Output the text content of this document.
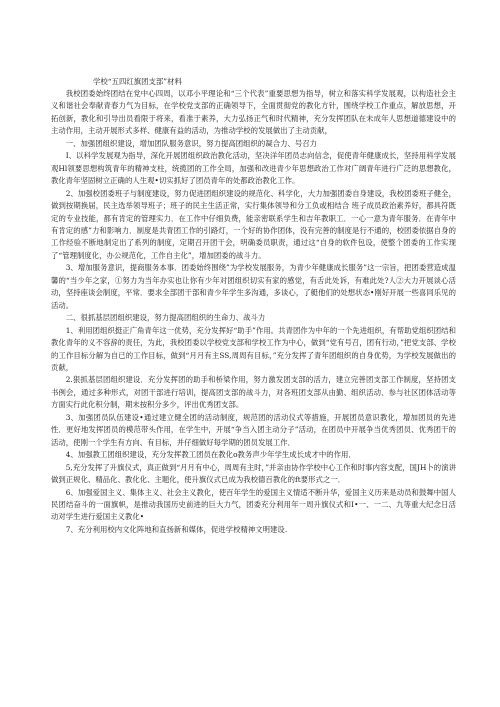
学校“五四红旗团支部”材料

我校团委始终团结在党中心四周，以邓小平理论和“三个代表”重要思想为指导，树立和落实科学发展观，以构造社会主义和谐社会奉献青春力气为目标，在学校党支部的正确领导下，全面贯彻党的教化方针，围绕学校工作重点，解放思想，开拓创新，教化和引导出员看限于将来，看准于素养，大力弘扬正气和时代精神，充分发挥团队在未成年人思想道德建设中的主动作用，主动开展形式多样、健康有益的活动，为推动学校的发展做出了主动贡献，

一、加强团组织建设，增加团队服务意识，努力提高团组织的凝合力、号召力

I、以科学发展观为指导，深化开展团组织政治教化活动，坚决洋年团员志向信念，促使青年健康成长，坚持用科学发展观Hl领要思想构筑青年的精神支柱，统揽团的工作全局，加强和改进青少年思想政治工作对广阔青年进行广泛的思想教化，教化青年坚固树立正确的人生观•切实抓好了团员青年的处都政治教化工作。

2、加强校团委班子与制度建设，努力促进团组织建设的规范化、科学化，大力加强团委自身建设，我校团委班子健全，做到按期换届，民主选举领导班子；班子的民主生活正常，实行集体领导和分工负或相结合 班子成员政治素养好，都具符既定的专业技能，都有肯定的管理实力．在工作中仔细负费，能亲密联系学生和吉年教职工．一心一意为青年服务．在青年中有肯定的感”力和影响力．制度是共青团工作的引路灯，一个好的协作团体，没有完善的制度是行不通的，校团委依据自身的工作经验不断地制定出了系列的制度，定期召开团干会，明确委员职责，通过这“自身的软件包设，使整个团委的工作实现了“管理制度化，办公规范化，工作自主化”，增加团委的战斗力。

3、增加服务意识，提商服务本事．团委始终围绕”为学校发展服务，为青少年健康成长服务”这一宗旨，把团委营造成温馨的“当少年之家，①努力为当年办实也让你有少年对团组织切实有家的感觉，有舌此处诉，有难此处?人②大力开展谈心活动，坚持座谈会制度，平常．要求全部团干部和青少年学生多沟通，多谈心，了艇他们的处想状态•刚好开展一些喜同乐见的活动。

二、很抓基层团组织建设，努力提高团组织的生命力、战斗力

1、利用团组织挺正广角青年这一优势，充分发挥好“助手”作用。共青团作为中年的一个先进组织，有帮助党组织团结和教化青年的义不容辞的责任，为此，我校团委以学校党支部和学校工作为中心，做到“党有号召，团有行动，”把党支部、学校的工作目标分解为自已的工作目标，做到“月月有主SS,周周有目标，”充分发挥了青年团组织的自身优势，为学校发展做出的贡献，

2.狠抓基层团组织建设．充分发挥团的助手和桥梁作用，努力激发团支部的活力，建立完善团支部工作制度，坚持团支书例会，通过多种形式，对团干部进行培训，提高团支部的战斗力，对各班团支部从由勤、组织活动、参与社区团体活动等方面实行此化积分制，期末按积分多少，评出优秀团支部。

3、加强团员队伍建设•通过建立健全团的活动制度，规范团的活动仪式等措施，开展团员意识教化，增加团员的先进性．更好地发挥团员的模范带头作用，在学生中，开展“争当入团主动分子”活动，在团员中开展争当优秀团员、优秀团干的活动，使刚一个学生有方向、有目标，并仔细做好每学期的团员发展工作．

4、加强教工团组织建设，充分发挥教工团员在教化o教务声少年学生成长成才中的作用．

5,充分发挥了升旗仪式，真正做到“月月有中心，周周有主时，”并亲由协作学校中心工作和时事内容支配，国JH卜的演讲做到正规化、精品化、教化化、主题化，使升旗仪式已成为我校德百教化的ft要形式之一．

6、加强爱国主义、集体主义、社会主义教化，使百年学生的爱国主义情适不断升华，爱国主义历来是动员和鼓舞中国人民团结奋斗的一面旗帜，是推动我国历史前进的巨大力气，团委充分利用年一周升旗仪式和I•一、一二、九等重大纪念日活动对学生进行爱国主义教化•

7、充分利用校内文化阵地和直扬新和媒体，促进学校精神文明建设.
